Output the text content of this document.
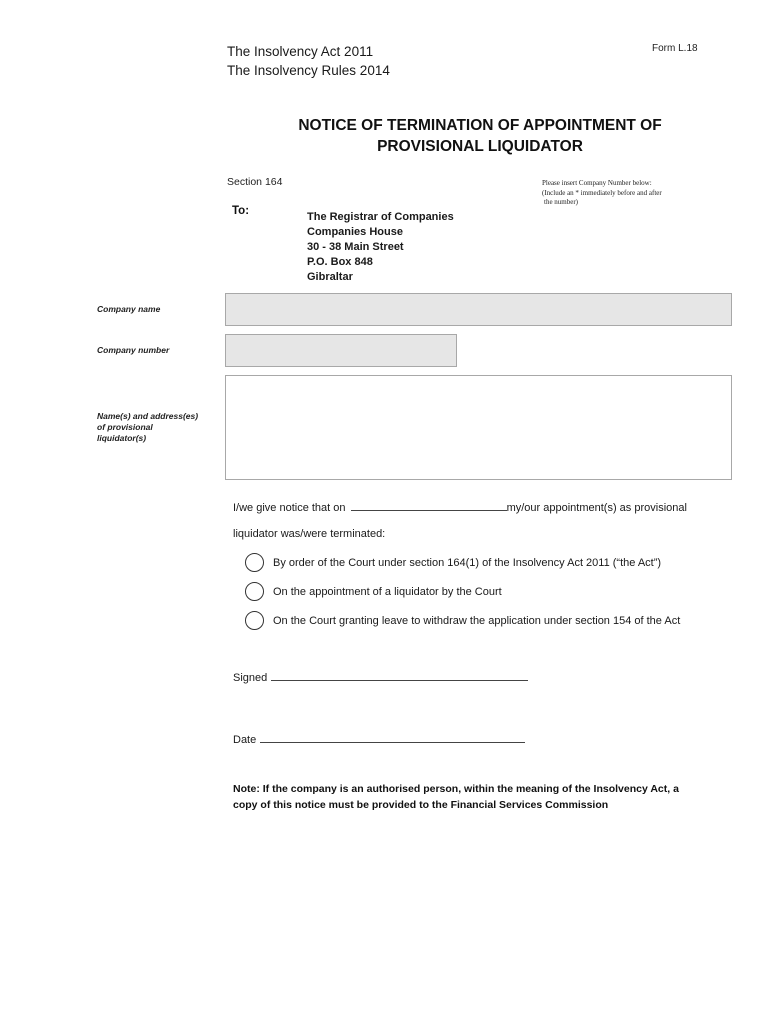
The Insolvency Act 2011
The Insolvency Rules 2014
Form L.18
NOTICE OF TERMINATION OF APPOINTMENT OF
PROVISIONAL LIQUIDATOR
Section 164	Please insert Company Number below:
(Include an * immediately before and after
the number)
To:	The Registrar of Companies
Companies House
30 - 38 Main Street
P.O. Box 848
Gibraltar
Company name
Company number
Name(s) and address(es)
of provisional
liquidator(s)
I/we give notice that on	my/our appointment(s) as provisional
liquidator was/were terminated:
By order of the Court under section 164(1) of the Insolvency Act 2011 (“the Act”)
On the appointment of a liquidator by the Court
On the Court granting leave to withdraw the application under section 154 of the Act
Signed
Date
Note: If the company is an authorised person, within the meaning of the Insolvency Act, a
copy of this notice must be provided to the Financial Services Commission
